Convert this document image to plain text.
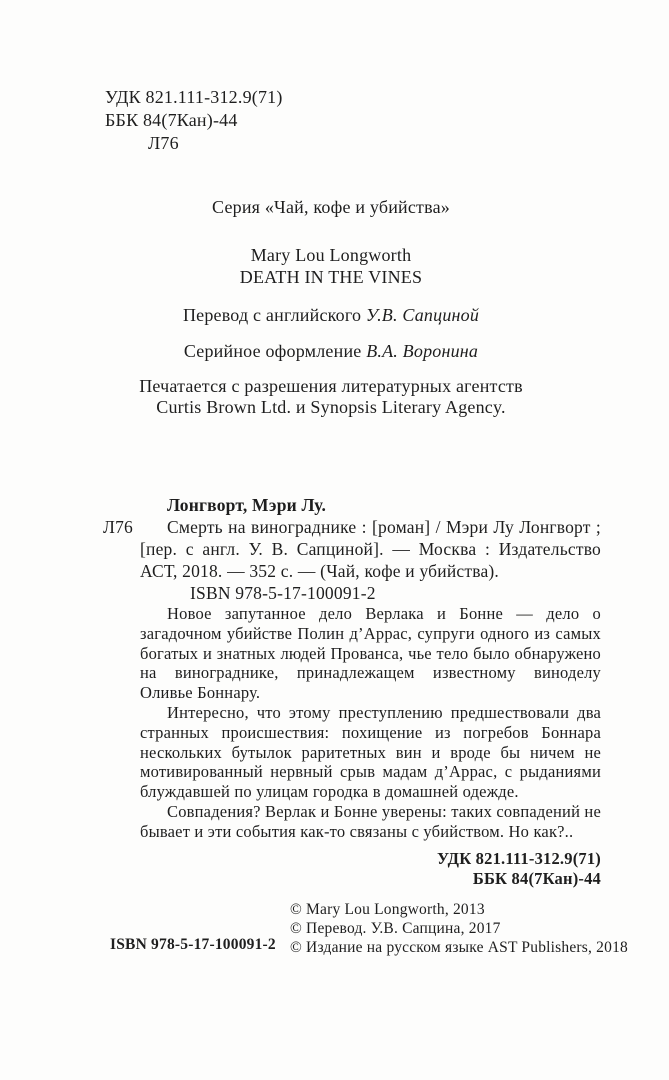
УДК 821.111-312.9(71)
ББК 84(7Кан)-44
Л76
Серия «Чай, кофе и убийства»
Mary Lou Longworth
DEATH IN THE VINES
Перевод с английского У.В. Сапциной
Серийное оформление В.А. Воронина
Печатается с разрешения литературных агентств
Curtis Brown Ltd. и Synopsis Literary Agency.

Лонгворт, Мэри Лу.

Л76 Смерть на винограднике : [роман] / Мэри Лу Лонгворт ; [пер. с англ. У. В. Сапциной]. — Москва : Издательство АСТ, 2018. — 352 с. — (Чай, кофе и убийства).

ISBN 978-5-17-100091-2

Новое запутанное дело Верлака и Бонне — дело о загадочном убийстве Полин д’Аррас, супруги одного из самых богатых и знатных людей Прованса, чье тело было обнаружено на винограднике, принадлежащем известному виноделу Оливье Боннару.

Интересно, что этому преступлению предшествовали два странных происшествия: похищение из погребов Боннара нескольких бутылок раритетных вин и вроде бы ничем не мотивированный нервный срыв мадам д’Аррас, с рыданиями блуждавшей по улицам городка в домашней одежде.

Совпадения? Верлак и Бонне уверены: таких совпадений не бывает и эти события как-то связаны с убийством. Но как?..

УДК 821.111-312.9(71)
ББК 84(7Кан)-44
ISBN 978-5-17-100091-2
© Mary Lou Longworth, 2013
© Перевод. У.В. Сапцина, 2017
© Издание на русском языке AST Publishers, 2018
